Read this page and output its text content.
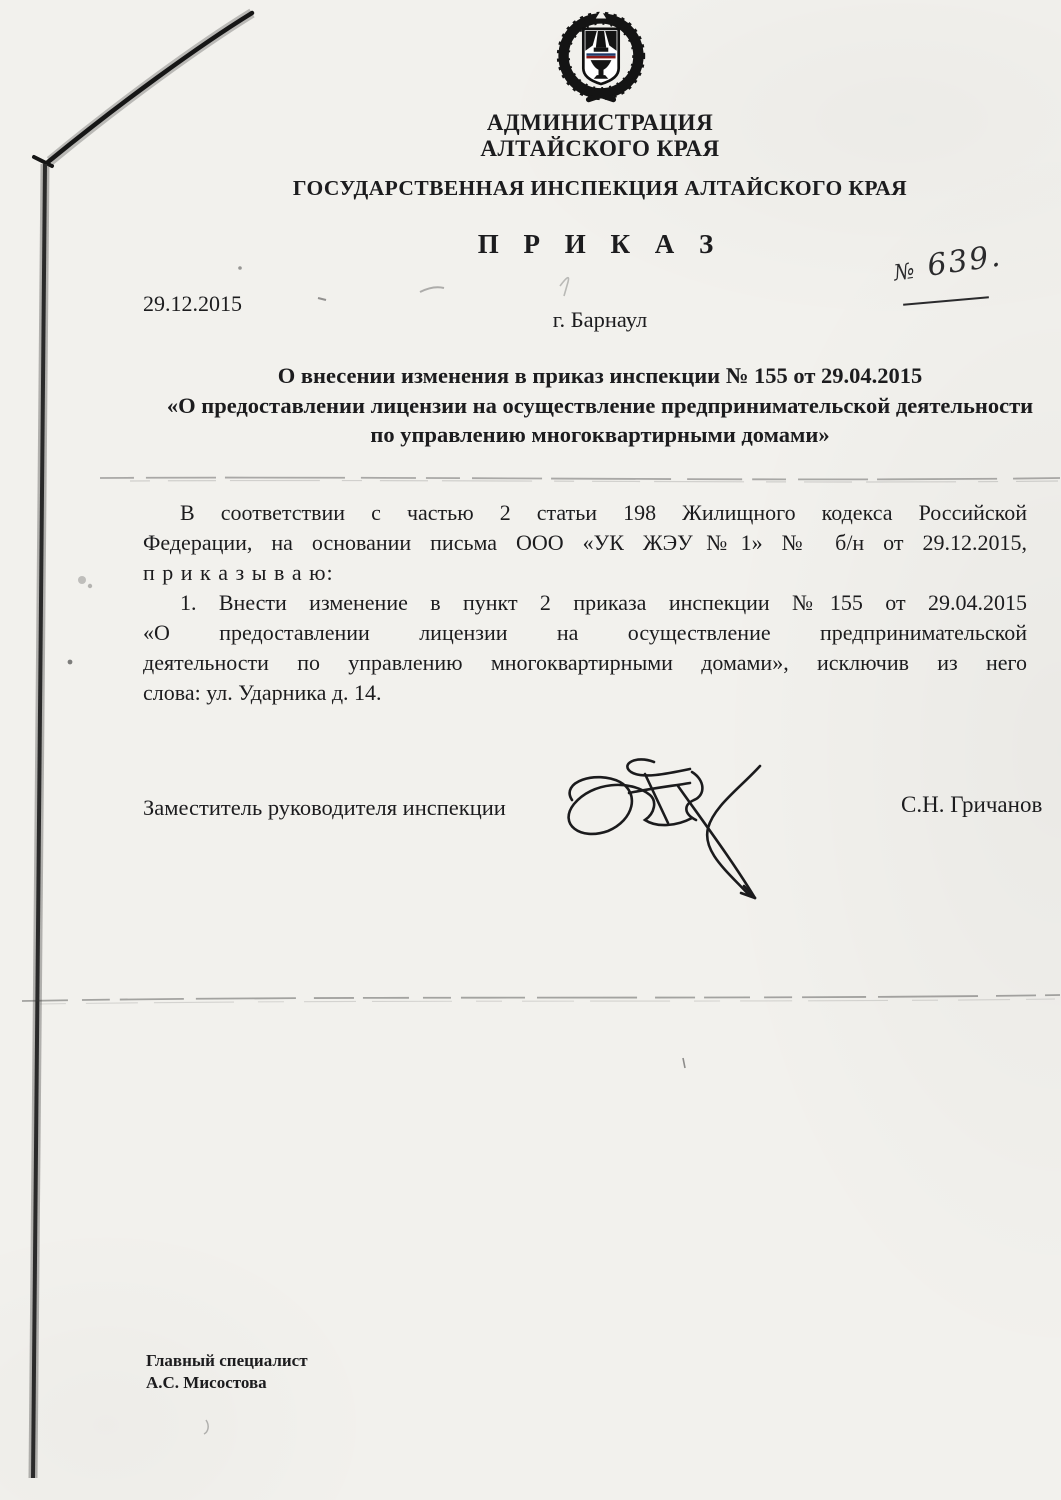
АДМИНИСТРАЦИЯ
АЛТАЙСКОГО КРАЯ
ГОСУДАРСТВЕННАЯ ИНСПЕКЦИЯ АЛТАЙСКОГО КРАЯ
П Р И К А З
29.12.2015
№ 639.
г. Барнаул
О внесении изменения в приказ инспекции № 155 от 29.04.2015
«О предоставлении лицензии на осуществление предпринимательской деятельности
по управлению многоквартирными домами»
В соответствии с частью 2 статьи 198 Жилищного кодекса Российской
Федерации, на основании письма ООО «УК ЖЭУ№1» № б/н от 29.12.2015,
п р и к а з ы в а ю:
1. Внести изменение в пункт 2 приказа инспекции №155 от 29.04.2015
«О предоставлении лицензии на осуществление предпринимательской
деятельности по управлению многоквартирными домами», исключив из него
слова: ул. Ударника д. 14.
Заместитель руководителя инспекции	С.Н. Гричанов
Главный специалист
А.С. Мисостова
